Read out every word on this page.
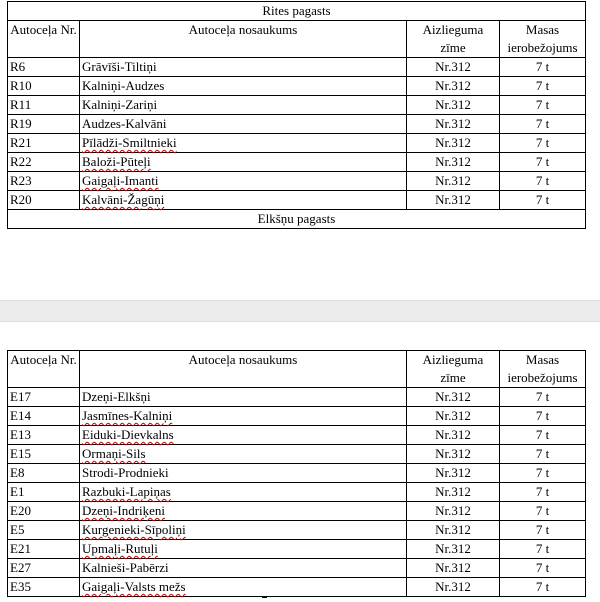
Rites pagasts			
Autoceļa Nr.	Autoceļa nosaukums	Aizlieguma zīme	Masas ierobežojums
R6	Grāvīši-Tiltiņi	Nr.312	7 t
R10	Kalniņi-Audzes	Nr.312	7 t
R11	Kalniņi-Zariņi	Nr.312	7 t
R19	Audzes-Kalvāni	Nr.312	7 t
R21	Pīlādži-Smiltnieki	Nr.312	7 t
R22	Baloži-Pūteļi	Nr.312	7 t
R23	Gaigaļi-Imanti	Nr.312	7 t
R20	Kalvāni-Žagūņi	Nr.312	7 t
Elkšņu pagasts			
Autoceļa Nr.	Autoceļa nosaukums	Aizlieguma zīme	Masas ierobežojums
E17	Dzeņi-Elkšņi	Nr.312	7 t
E14	Jasmīnes-Kalniņi	Nr.312	7 t
E13	Eiduki-Dievkalns	Nr.312	7 t
E15	Ormaņi-Sils	Nr.312	7 t
E8	Strodi-Prodnieki	Nr.312	7 t
E1	Razbuki-Lapiņas	Nr.312	7 t
E20	Dzeņi-Indriķeni	Nr.312	7 t
E5	Kurgenieki-Sīpoliņi	Nr.312	7 t
E21	Upmaļi-Rutuļi	Nr.312	7 t
E27	Kalnieši-Pabērzi	Nr.312	7 t
E35	Gaigaļi-Valsts mežs	Nr.312	7 t
